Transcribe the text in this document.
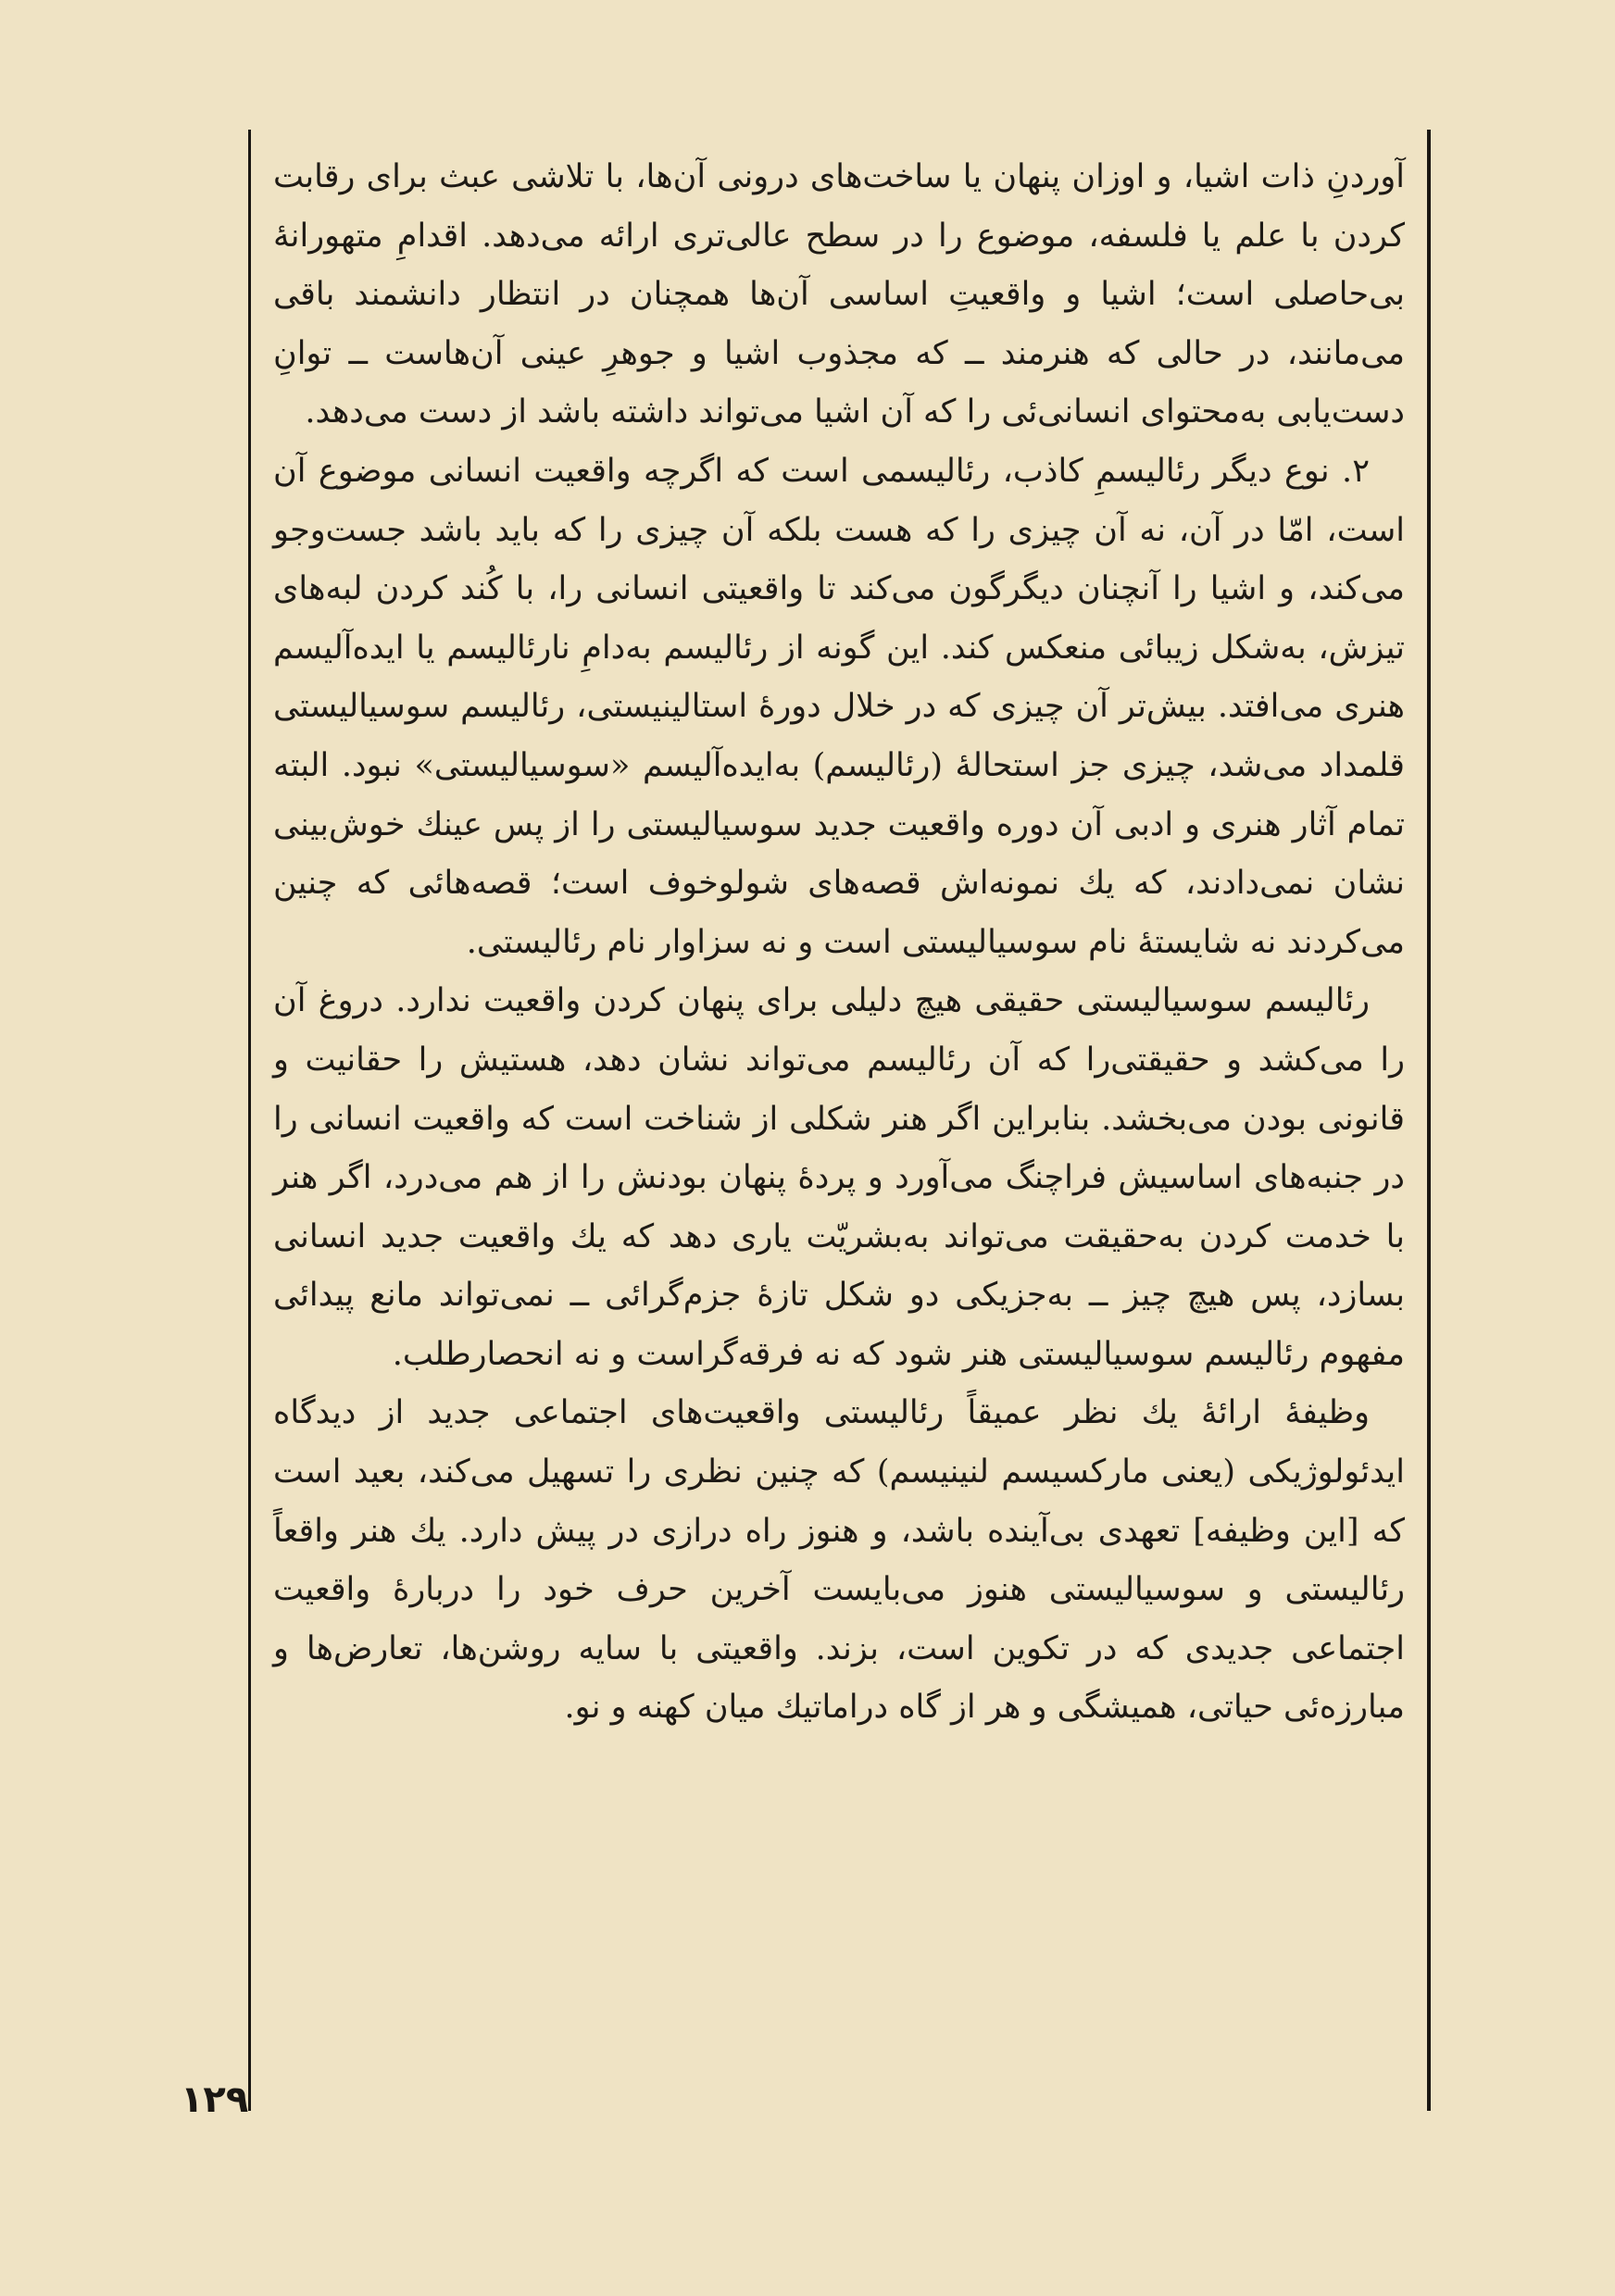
آوردنِ ذات اشیا، و اوزان پنهان یا ساخت‌های درونی آن‌ها، با تلاشی عبث برای رقابت کردن با علم یا فلسفه، موضوع را در سطح عالی‌تری ارائه می‌دهد. اقدامِ متهورانهٔ بی‌حاصلی است؛ اشیا و واقعیتِ اساسی آن‌ها همچنان در انتظار دانشمند باقی می‌مانند، در حالی که هنرمند ــ که مجذوب اشیا و جوهرِ عینی آن‌هاست ــ توانِ دست‌یابی به‌محتوای انسانی‌ئی را که آن اشیا می‌تواند داشته باشد از دست می‌دهد.

۲. نوع دیگر رئالیسمِ کاذب، رئالیسمی است که اگرچه واقعیت انسانی موضوع آن است، امّا در آن، نه آن چیزی را که هست بلکه آن چیزی را که باید باشد جست‌وجو می‌کند، و اشیا را آنچنان دیگرگون می‌کند تا واقعیتی انسانی را، با کُند کردن لبه‌های تیزش، به‌شکل زیبائی منعکس کند. این گونه از رئالیسم به‌دامِ نارئالیسم یا ایده‌آلیسم هنری می‌افتد. بیش‌تر آن چیزی که در خلال دورهٔ استالینیستی، رئالیسم سوسیالیستی قلمداد می‌شد، چیزی جز استحالهٔ (رئالیسم) به‌ایده‌آلیسم «سوسیالیستی» نبود. البته تمام آثار هنری و ادبی آن دوره واقعیت جدید سوسیالیستی را از پس عینك خوش‌بینی نشان نمی‌دادند، که یك نمونه‌اش قصه‌های شولوخوف است؛ قصه‌هائی که چنین می‌کردند نه شایستهٔ نام سوسیالیستی است و نه سزاوار نام رئالیستی.

رئالیسم سوسیالیستی حقیقی هیچ دلیلی برای پنهان کردن واقعیت ندارد. دروغ آن را می‌کشد و حقیقتی‌را که آن رئالیسم می‌تواند نشان دهد، هستیش را حقانیت و قانونی بودن می‌بخشد. بنابراین اگر هنر شکلی از شناخت است که واقعیت انسانی را در جنبه‌های اساسیش فراچنگ می‌آورد و پردهٔ پنهان بودنش را از هم می‌درد، اگر هنر با خدمت کردن به‌حقیقت می‌تواند به‌بشریّت یاری دهد که یك واقعیت جدید انسانی بسازد، پس هیچ چیز ــ به‌جزیکی دو شکل تازهٔ جزم‌گرائی ــ نمی‌تواند مانع پیدائی مفهوم رئالیسم سوسیالیستی هنر شود که نه فرقه‌گراست و نه انحصارطلب.

وظیفهٔ ارائهٔ یك نظر عمیقاً رئالیستی واقعیت‌های اجتماعی جدید از دیدگاه ایدئولوژیکی (یعنی مارکسیسم لنینیسم) که چنین نظری را تسهیل می‌کند، بعید است که [این وظیفه] تعهدی بی‌آینده باشد، و هنوز راه درازی در پیش دارد. یك هنر واقعاً رئالیستی و سوسیالیستی هنوز می‌بایست آخرین حرف خود را دربارهٔ واقعیت اجتماعی جدیدی که در تکوین است، بزند. واقعیتی با سایه روشن‌ها، تعارض‌ها و مبارزه‌ئی حیاتی، همیشگی و هر از گاه دراماتیك میان کهنه و نو.

۱۲۹
